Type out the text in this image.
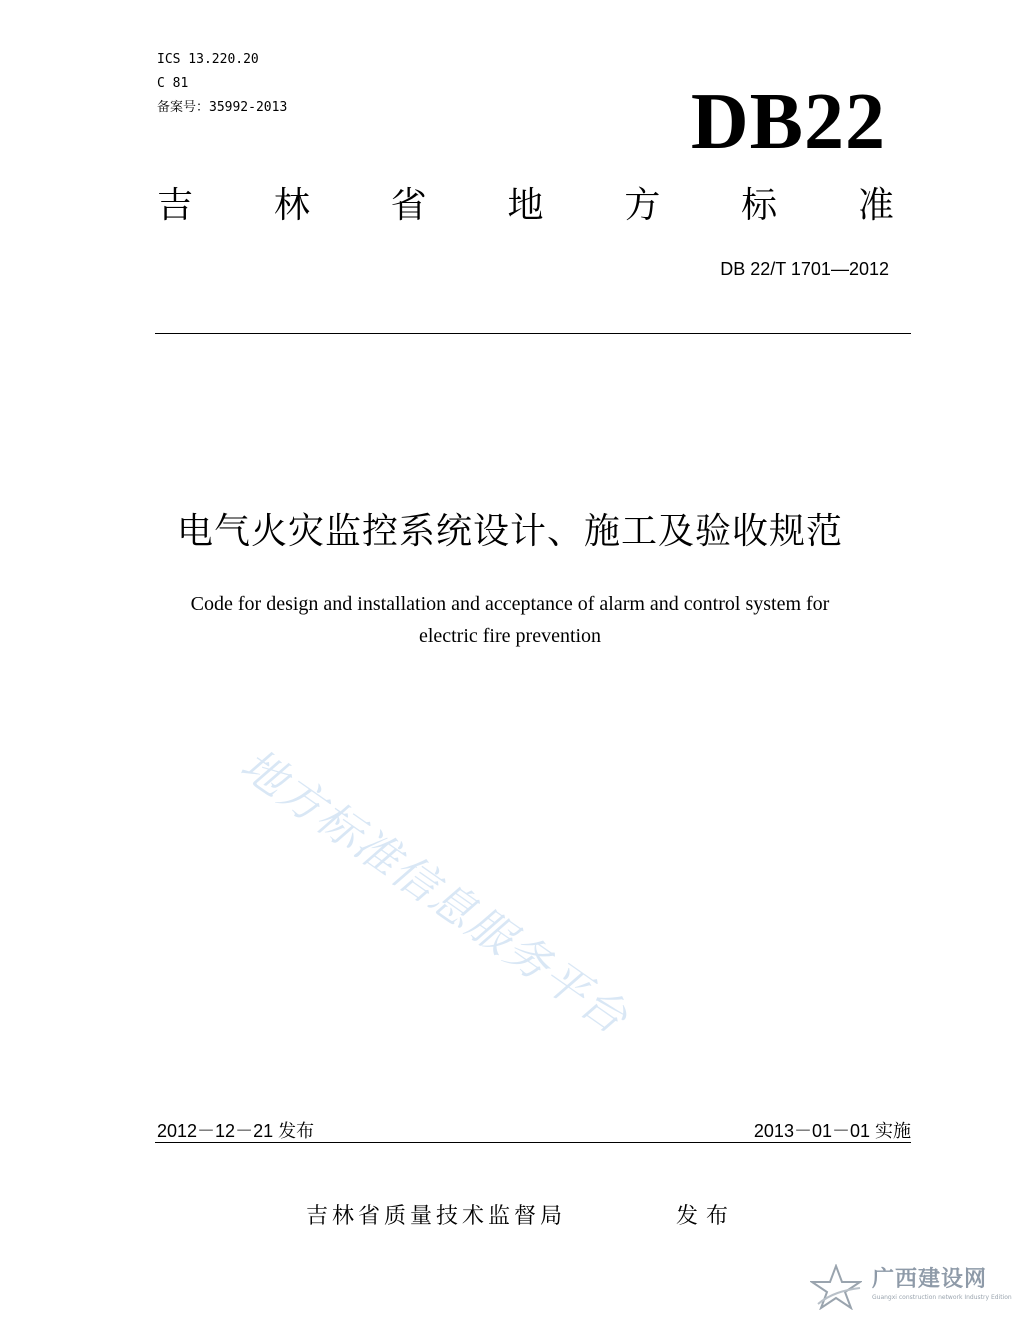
ICS 13.220.20
C 81
备案号：35992-2013	DB22
吉 林 省 地 方 标 准
DB 22/T 1701—2012
电气火灾监控系统设计、施工及验收规范
Code for design and installation and acceptance of alarm and control system for
electric fire prevention
地方标准信息服务平台
2012－12－21 发布	2013－01－01 实施
吉林省质量技术监督局	发布
广西建设网
Guangxi construction network Industry Edition
